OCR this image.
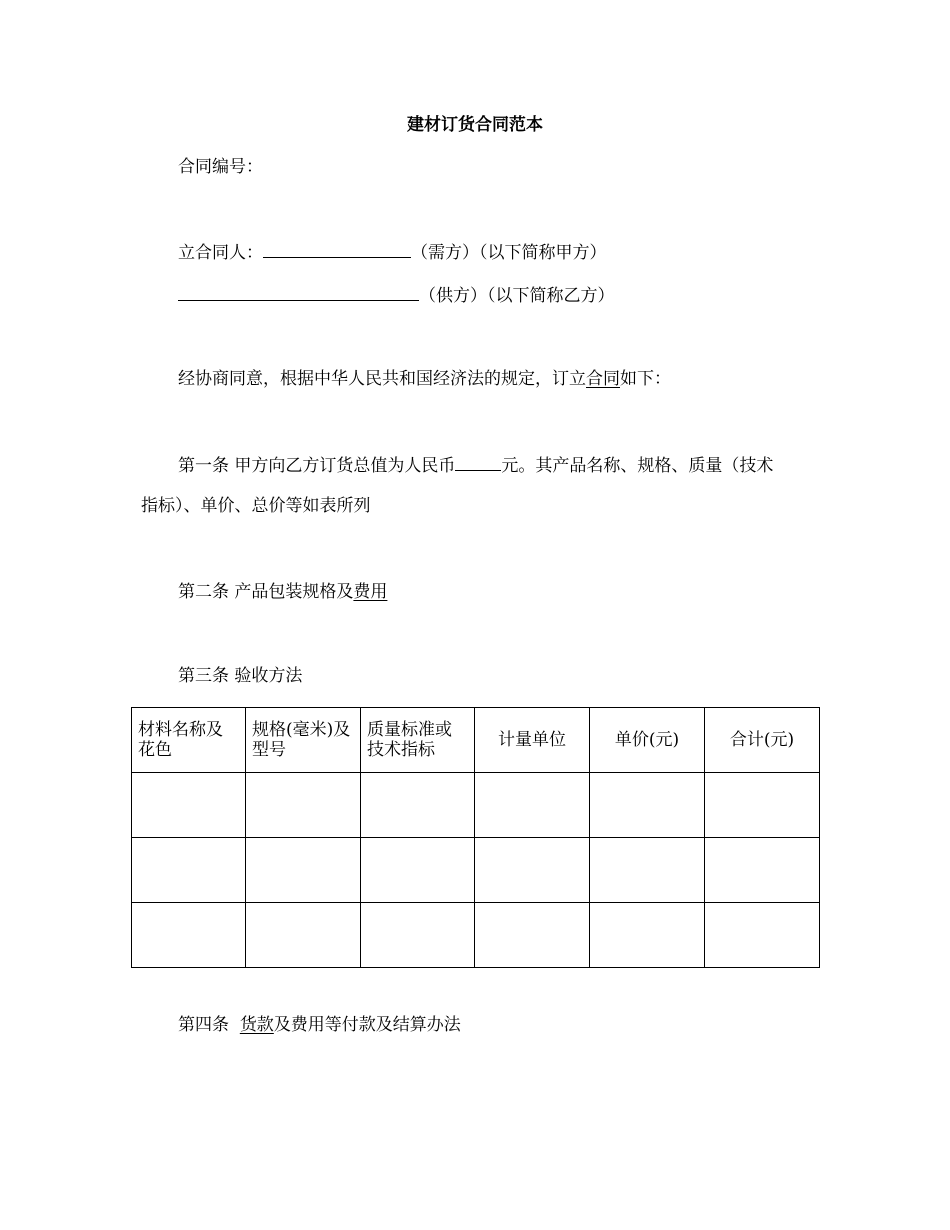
建材订货合同范本
合同编号：
立合同人：	（需方）（以下简称甲方）
（供方）（以下简称乙方）
经协商同意，根据中华人民共和国经济法的规定，订立合同如下：
第一条 甲方向乙方订货总值为人民币	元。其产品名称、规格、质量（技术
指标）、单价、总价等如表所列
第二条 产品包装规格及费用
第三条 验收方法
材料名称及花色	规格(毫米)及型号	质量标准或技术指标	计量单位	单价(元)	合计(元)

第四条  货款及费用等付款及结算办法
